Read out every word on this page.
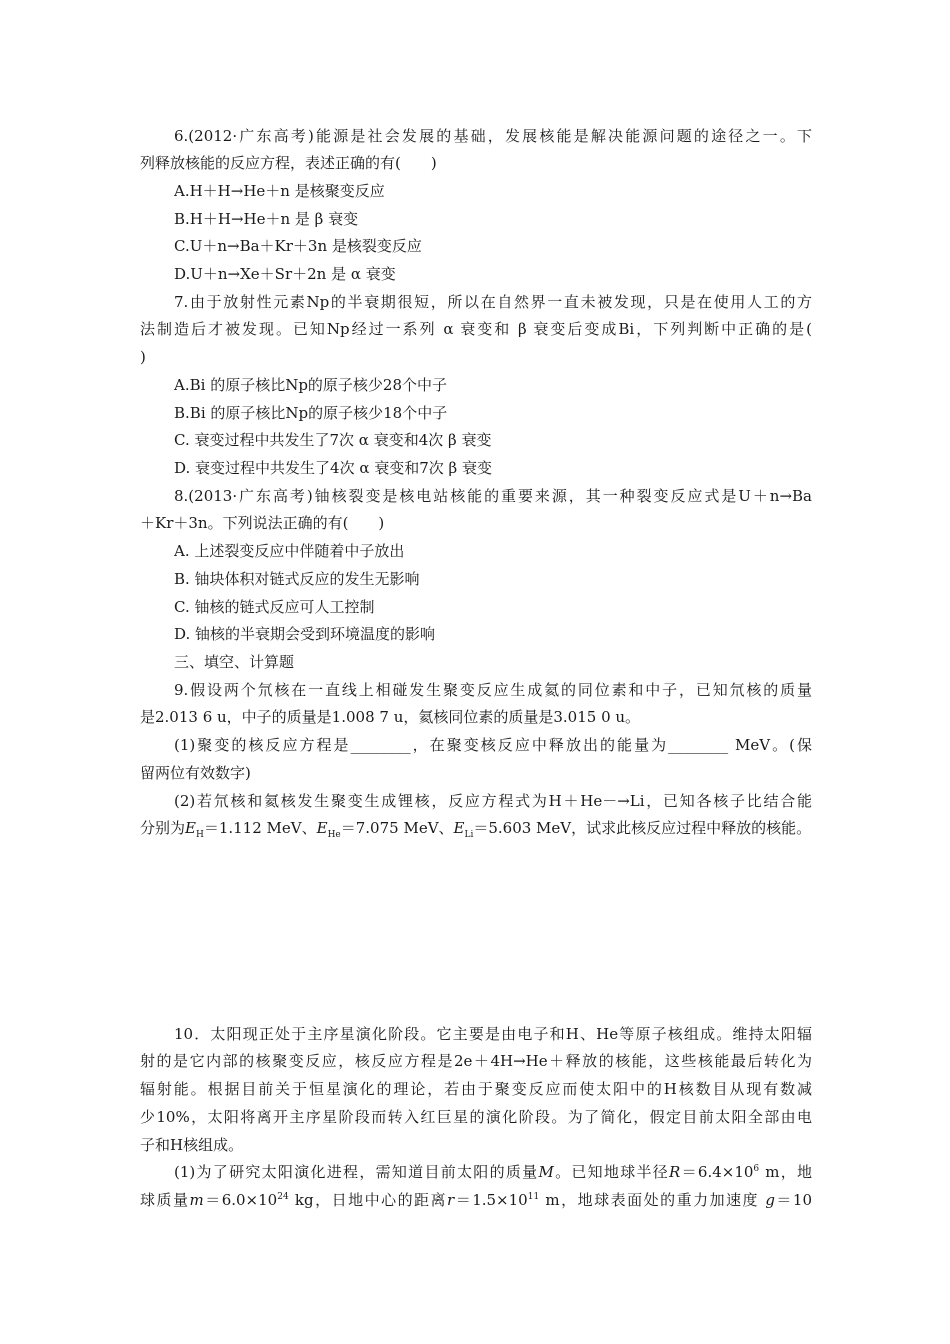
6.(2012·广东高考)能源是社会发展的基础，发展核能是解决能源问题的途径之一。下
列释放核能的反应方程，表述正确的有(　　)
A.H＋H→He＋n 是核聚变反应
B.H＋H→He＋n 是 β 衰变
C.U＋n→Ba＋Kr＋3n 是核裂变反应
D.U＋n→Xe＋Sr＋2n 是 α 衰变
7.由于放射性元素Np的半衰期很短，所以在自然界一直未被发现，只是在使用人工的方
法制造后才被发现。已知Np经过一系列 α 衰变和 β 衰变后变成Bi，下列判断中正确的是(
)
A.Bi 的原子核比Np的原子核少28个中子
B.Bi 的原子核比Np的原子核少18个中子
C. 衰变过程中共发生了7次 α 衰变和4次 β 衰变
D. 衰变过程中共发生了4次 α 衰变和7次 β 衰变
8.(2013·广东高考)铀核裂变是核电站核能的重要来源，其一种裂变反应式是U＋n→Ba
＋Kr＋3n。下列说法正确的有(　　)
A. 上述裂变反应中伴随着中子放出
B. 铀块体积对链式反应的发生无影响
C. 铀核的链式反应可人工控制
D. 铀核的半衰期会受到环境温度的影响
三、填空、计算题
9.假设两个氘核在一直线上相碰发生聚变反应生成氦的同位素和中子，已知氘核的质量
是2.013 6 u，中子的质量是1.008 7 u，氦核同位素的质量是3.015 0 u。
(1)聚变的核反应方程是________，在聚变核反应中释放出的能量为________ MeV。(保
留两位有效数字)
(2)若氘核和氦核发生聚变生成锂核，反应方程式为H＋He－→Li，已知各核子比结合能
分别为$E_H=1.112$ MeV、$E_{He}=7.075$ MeV、$E_{Li}=5.603$ MeV，试求此核反应过程中释放的核能。
10．太阳现正处于主序星演化阶段。它主要是由电子和H、He等原子核组成。维持太阳辐
射的是它内部的核聚变反应，核反应方程是2e＋4H→He＋释放的核能，这些核能最后转化为
辐射能。根据目前关于恒星演化的理论，若由于聚变反应而使太阳中的H核数目从现有数减
少10%，太阳将离开主序星阶段而转入红巨星的演化阶段。为了简化，假定目前太阳全部由电
子和H核组成。
(1)为了研究太阳演化进程，需知道目前太阳的质量M。已知地球半径$R=6.4\times 10^6$ m，地
球质量$m=6.0\times 10^{24}$ kg，日地中心的距离$r=1.5\times 10^{11}$ m，地球表面处的重力加速度 g＝10
